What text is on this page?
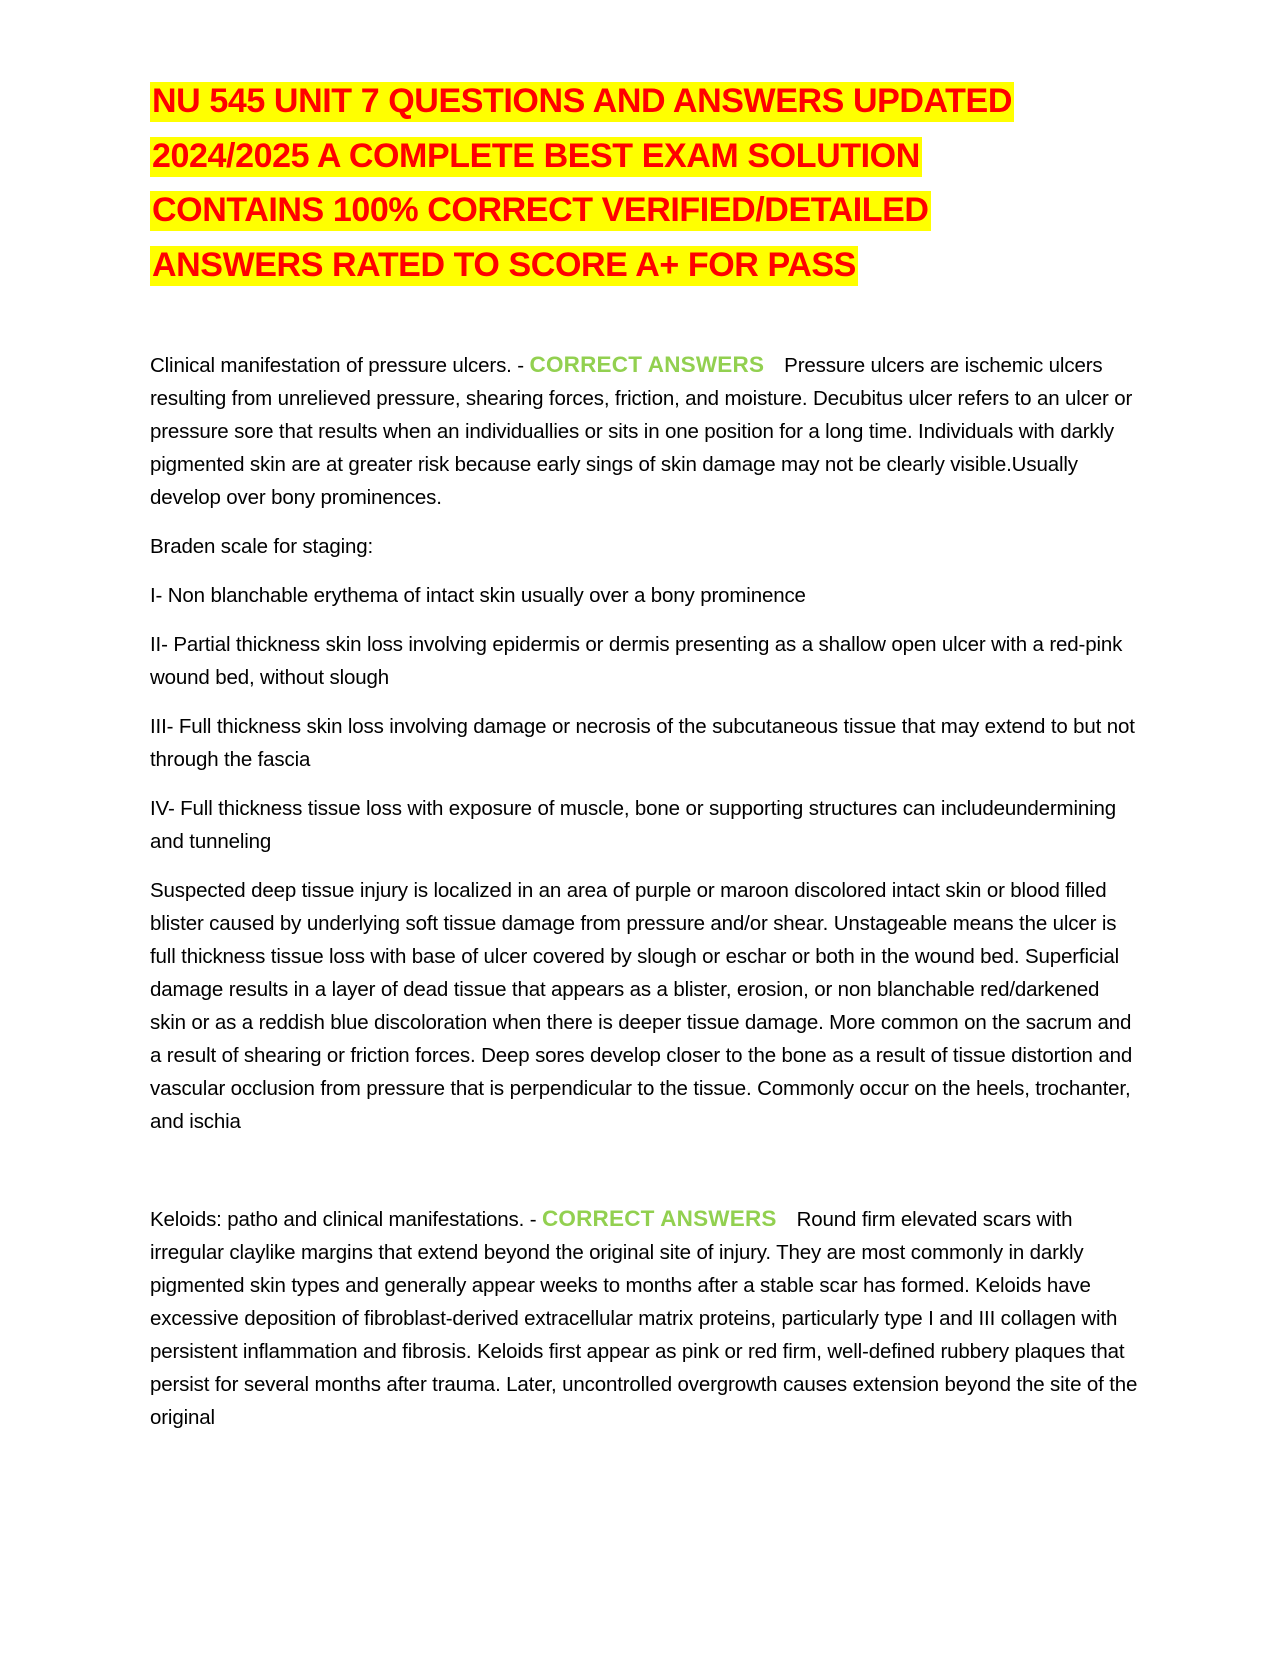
NU 545 UNIT 7 QUESTIONS AND ANSWERS UPDATED
2024/2025 A COMPLETE BEST EXAM SOLUTION
CONTAINS 100% CORRECT VERIFIED/DETAILED
ANSWERS RATED TO SCORE A+ FOR PASS

Clinical manifestation of pressure ulcers. - CORRECT ANSWERS Pressure ulcers are ischemic ulcers resulting from unrelieved pressure, shearing forces, friction, and moisture. Decubitus ulcer refers to an ulcer or pressure sore that results when an individuallies or sits in one position for a long time. Individuals with darkly pigmented skin are at greater risk because early sings of skin damage may not be clearly visible.Usually develop over bony prominences.

Braden scale for staging:

I- Non blanchable erythema of intact skin usually over a bony prominence

II- Partial thickness skin loss involving epidermis or dermis presenting as a shallow open ulcer with a red-pink wound bed, without slough

III- Full thickness skin loss involving damage or necrosis of the subcutaneous tissue that may extend to but not through the fascia

IV- Full thickness tissue loss with exposure of muscle, bone or supporting structures can includeundermining and tunneling

Suspected deep tissue injury is localized in an area of purple or maroon discolored intact skin or blood filled blister caused by underlying soft tissue damage from pressure and/or shear. Unstageable means the ulcer is full thickness tissue loss with base of ulcer covered by slough or eschar or both in the wound bed. Superficial damage results in a layer of dead tissue that appears as a blister, erosion, or non blanchable red/darkened skin or as a reddish blue discoloration when there is deeper tissue damage. More common on the sacrum and a result of shearing or friction forces. Deep sores develop closer to the bone as a result of tissue distortion and vascular occlusion from pressure that is perpendicular to the tissue. Commonly occur on the heels, trochanter, and ischia

Keloids: patho and clinical manifestations. - CORRECT ANSWERS Round firm elevated scars with irregular claylike margins that extend beyond the original site of injury. They are most commonly in darkly pigmented skin types and generally appear weeks to months after a stable scar has formed. Keloids have excessive deposition of fibroblast-derived extracellular matrix proteins, particularly type I and III collagen with persistent inflammation and fibrosis. Keloids first appear as pink or red firm, well-defined rubbery plaques that persist for several months after trauma. Later, uncontrolled overgrowth causes extension beyond the site of the original
